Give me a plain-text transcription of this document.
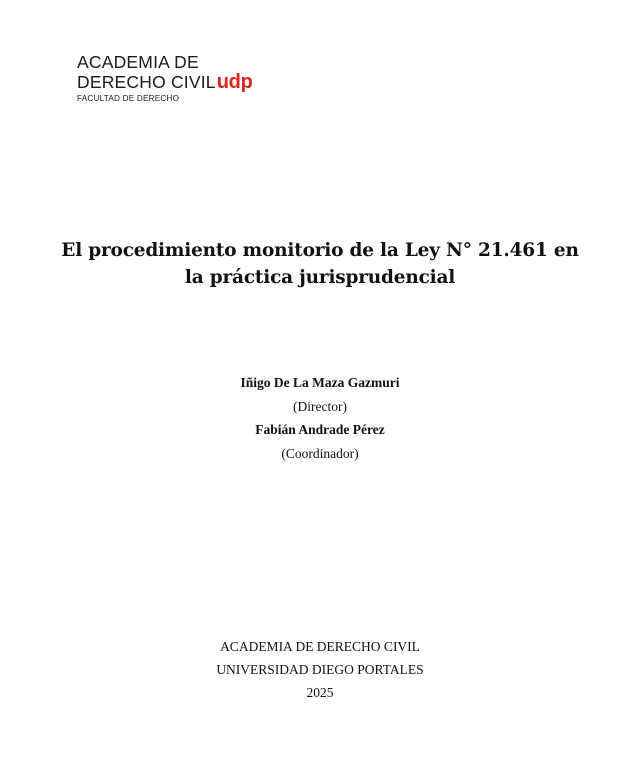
ACADEMIA DE
DERECHO CIVILudp
FACULTAD DE DERECHO
El procedimiento monitorio de la Ley N° 21.461 en
la práctica jurisprudencial
Iñigo De La Maza Gazmuri
(Director)
Fabián Andrade Pérez
(Coordinador)
ACADEMIA DE DERECHO CIVIL
UNIVERSIDAD DIEGO PORTALES
2025
